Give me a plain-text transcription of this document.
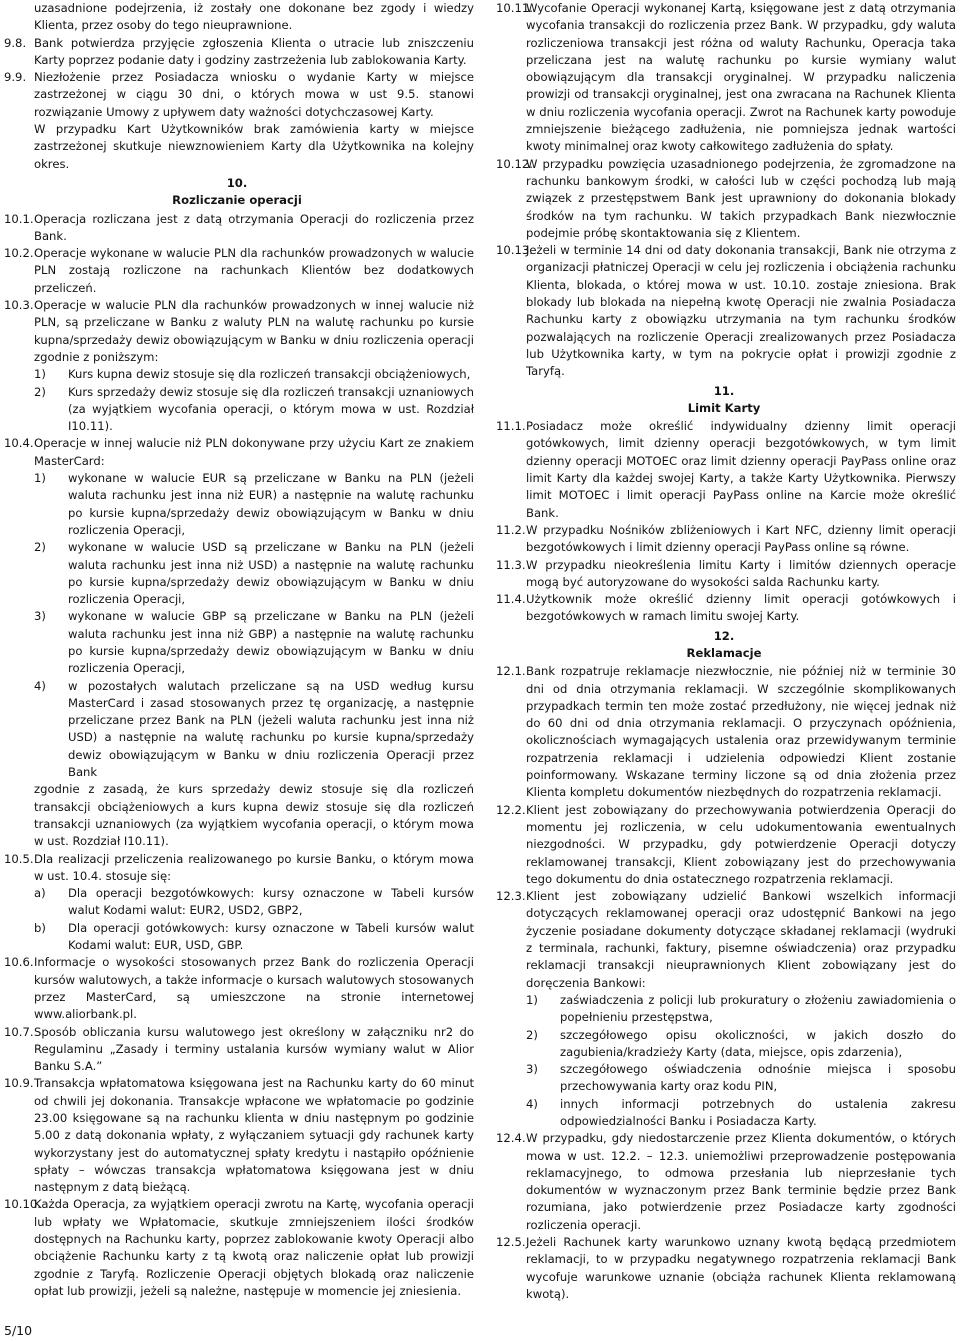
uzasadnione podejrzenia, iż zostały one dokonane bez zgody i wiedzy Klienta, przez osoby do tego nieuprawnione.

9.8. Bank potwierdza przyjęcie zgłoszenia Klienta o utracie lub zniszczeniu Karty poprzez podanie daty i godziny zastrzeżenia lub zablokowania Karty.
9.9. Niezłożenie przez Posiadacza wniosku o wydanie Karty w miejsce zastrzeżonej w ciągu 30 dni, o których mowa w ust 9.5. stanowi rozwiązanie Umowy z upływem daty ważności dotychczasowej Karty.

W przypadku Kart Użytkowników brak zamówienia karty w miejsce zastrzeżonej skutkuje niewznowieniem Karty dla Użytkownika na kolejny okres.

10.
Rozliczanie operacji
10.1. Operacja rozliczana jest z datą otrzymania Operacji do rozliczenia przez Bank.
10.2. Operacje wykonane w walucie PLN dla rachunków prowadzonych w walucie PLN zostają rozliczone na rachunkach Klientów bez dodatkowych przeliczeń.
10.3. Operacje w walucie PLN dla rachunków prowadzonych w innej walucie niż PLN, są przeliczane w Banku z waluty PLN na walutę rachunku po kursie kupna/sprzedaży dewiz obowiązującym w Banku w dniu rozliczenia operacji zgodnie z poniższym:
1) Kurs kupna dewiz stosuje się dla rozliczeń transakcji obciążeniowych,
2) Kurs sprzedaży dewiz stosuje się dla rozliczeń transakcji uznaniowych (za wyjątkiem wycofania operacji, o którym mowa w ust. Rozdział I10.11).
10.4. Operacje w innej walucie niż PLN dokonywane przy użyciu Kart ze znakiem MasterCard:
1) wykonane w walucie EUR są przeliczane w Banku na PLN (jeżeli waluta rachunku jest inna niż EUR) a następnie na walutę rachunku po kursie kupna/sprzedaży dewiz obowiązującym w Banku w dniu rozliczenia Operacji,
2) wykonane w walucie USD są przeliczane w Banku na PLN (jeżeli waluta rachunku jest inna niż USD) a następnie na walutę rachunku po kursie kupna/sprzedaży dewiz obowiązującym w Banku w dniu rozliczenia Operacji,
3) wykonane w walucie GBP są przeliczane w Banku na PLN (jeżeli waluta rachunku jest inna niż GBP) a następnie na walutę rachunku po kursie kupna/sprzedaży dewiz obowiązującym w Banku w dniu rozliczenia Operacji,
4) w pozostałych walutach przeliczane są na USD według kursu MasterCard i zasad stosowanych przez tę organizację, a następnie przeliczane przez Bank na PLN (jeżeli waluta rachunku jest inna niż USD) a następnie na walutę rachunku po kursie kupna/sprzedaży dewiz obowiązującym w Banku w dniu rozliczenia Operacji przez Bank

zgodnie z zasadą, że kurs sprzedaży dewiz stosuje się dla rozliczeń transakcji obciążeniowych a kurs kupna dewiz stosuje się dla rozliczeń transakcji uznaniowych (za wyjątkiem wycofania operacji, o którym mowa w ust. Rozdział I10.11).

10.5. Dla realizacji przeliczenia realizowanego po kursie Banku, o którym mowa w ust. 10.4. stosuje się:
a) Dla operacji bezgotówkowych: kursy oznaczone w Tabeli kursów walut Kodami walut: EUR2, USD2, GBP2,
b) Dla operacji gotówkowych: kursy oznaczone w Tabeli kursów walut Kodami walut: EUR, USD, GBP.
10.6. Informacje o wysokości stosowanych przez Bank do rozliczenia Operacji kursów walutowych, a także informacje o kursach walutowych stosowanych przez MasterCard, są umieszczone na stronie internetowej www.aliorbank.pl.
10.7. Sposób obliczania kursu walutowego jest określony w załączniku nr2 do Regulaminu „Zasady i terminy ustalania kursów wymiany walut w Alior Banku S.A.”
10.9. Transakcja wpłatomatowa księgowana jest na Rachunku karty do 60 minut od chwili jej dokonania. Transakcje wpłacone we wpłatomacie po godzinie 23.00 księgowane są na rachunku klienta w dniu następnym po godzinie 5.00 z datą dokonania wpłaty, z wyłączaniem sytuacji gdy rachunek karty wykorzystany jest do automatycznej spłaty kredytu i nastąpiło opóźnienie spłaty – wówczas transakcja wpłatomatowa księgowana jest w dniu następnym z datą bieżącą.
10.10.
Każda Operacja, za wyjątkiem operacji zwrotu na Kartę, wycofania operacji lub wpłaty we Wpłatomacie, skutkuje zmniejszeniem ilości środków dostępnych na Rachunku karty, poprzez zablokowanie kwoty Operacji albo obciążenie Rachunku karty z tą kwotą oraz naliczenie opłat lub prowizji zgodnie z Taryfą. Rozliczenie Operacji objętych blokadą oraz naliczenie opłat lub prowizji, jeżeli są należne, następuje w momencie jej zniesienia.
10.11.
Wycofanie Operacji wykonanej Kartą, księgowane jest z datą otrzymania wycofania transakcji do rozliczenia przez Bank. W przypadku, gdy waluta rozliczeniowa transakcji jest różna od waluty Rachunku, Operacja taka przeliczana jest na walutę rachunku po kursie wymiany walut obowiązującym dla transakcji oryginalnej. W przypadku naliczenia prowizji od transakcji oryginalnej, jest ona zwracana na Rachunek Klienta w dniu rozliczenia wycofania operacji. Zwrot na Rachunek karty powoduje zmniejszenie bieżącego zadłużenia, nie pomniejsza jednak wartości kwoty minimalnej oraz kwoty całkowitego zadłużenia do spłaty.
10.12.
W przypadku powzięcia uzasadnionego podejrzenia, że zgromadzone na rachunku bankowym środki, w całości lub w części pochodzą lub mają związek z przestępstwem Bank jest uprawniony do dokonania blokady środków na tym rachunku. W takich przypadkach Bank niezwłocznie podejmie próbę skontaktowania się z Klientem.
10.13.
Jeżeli w terminie 14 dni od daty dokonania transakcji, Bank nie otrzyma z organizacji płatniczej Operacji w celu jej rozliczenia i obciążenia rachunku Klienta, blokada, o której mowa w ust. 10.10. zostaje zniesiona. Brak blokady lub blokada na niepełną kwotę Operacji nie zwalnia Posiadacza Rachunku karty z obowiązku utrzymania na tym rachunku środków pozwalających na rozliczenie Operacji zrealizowanych przez Posiadacza lub Użytkownika karty, w tym na pokrycie opłat i prowizji zgodnie z Taryfą.
11.
Limit Karty
11.1. Posiadacz może określić indywidualny dzienny limit operacji gotówkowych, limit dzienny operacji bezgotówkowych, w tym limit dzienny operacji MOTOEC oraz limit dzienny operacji PayPass online oraz limit Karty dla każdej swojej Karty, a także Karty Użytkownika. Pierwszy limit MOTOEC i limit operacji PayPass online na Karcie może określić Bank.
11.2. W przypadku Nośników zbliżeniowych i Kart NFC, dzienny limit operacji bezgotówkowych i limit dzienny operacji PayPass online są równe.
11.3. W przypadku nieokreślenia limitu Karty i limitów dziennych operacje mogą być autoryzowane do wysokości salda Rachunku karty.
11.4. Użytkownik może określić dzienny limit operacji gotówkowych i bezgotówkowych w ramach limitu swojej Karty.
12.
Reklamacje
12.1. Bank rozpatruje reklamacje niezwłocznie, nie później niż w terminie 30 dni od dnia otrzymania reklamacji. W szczególnie skomplikowanych przypadkach termin ten może zostać przedłużony, nie więcej jednak niż do 60 dni od dnia otrzymania reklamacji. O przyczynach opóźnienia, okolicznościach wymagających ustalenia oraz przewidywanym terminie rozpatrzenia reklamacji i udzielenia odpowiedzi Klient zostanie poinformowany. Wskazane terminy liczone są od dnia złożenia przez Klienta kompletu dokumentów niezbędnych do rozpatrzenia reklamacji.
12.2. Klient jest zobowiązany do przechowywania potwierdzenia Operacji do momentu jej rozliczenia, w celu udokumentowania ewentualnych niezgodności. W przypadku, gdy potwierdzenie Operacji dotyczy reklamowanej transakcji, Klient zobowiązany jest do przechowywania tego dokumentu do dnia ostatecznego rozpatrzenia reklamacji.
12.3. Klient jest zobowiązany udzielić Bankowi wszelkich informacji dotyczących reklamowanej operacji oraz udostępnić Bankowi na jego życzenie posiadane dokumenty dotyczące składanej reklamacji (wydruki z terminala, rachunki, faktury, pisemne oświadczenia) oraz przypadku reklamacji transakcji nieuprawnionych Klient zobowiązany jest do doręczenia Bankowi:
1) zaświadczenia z policji lub prokuratury o złożeniu zawiadomienia o popełnieniu przestępstwa,
2) szczegółowego opisu okoliczności, w jakich doszło do zagubienia/kradzieży Karty (data, miejsce, opis zdarzenia),
3) szczegółowego oświadczenia odnośnie miejsca i sposobu przechowywania karty oraz kodu PIN,
4) innych informacji potrzebnych do ustalenia zakresu odpowiedzialności Banku i Posiadacza Karty.
12.4. W przypadku, gdy niedostarczenie przez Klienta dokumentów, o których mowa w ust. 12.2. – 12.3. uniemożliwi przeprowadzenie postępowania reklamacyjnego, to odmowa przesłania lub nieprzesłanie tych dokumentów w wyznaczonym przez Bank terminie będzie przez Bank rozumiana, jako potwierdzenie przez Posiadacze karty zgodności rozliczenia operacji.
12.5. Jeżeli Rachunek karty warunkowo uznany kwotą będącą przedmiotem reklamacji, to w przypadku negatywnego rozpatrzenia reklamacji Bank wycofuje warunkowe uznanie (obciąża rachunek Klienta reklamowaną kwotą).
5/10
